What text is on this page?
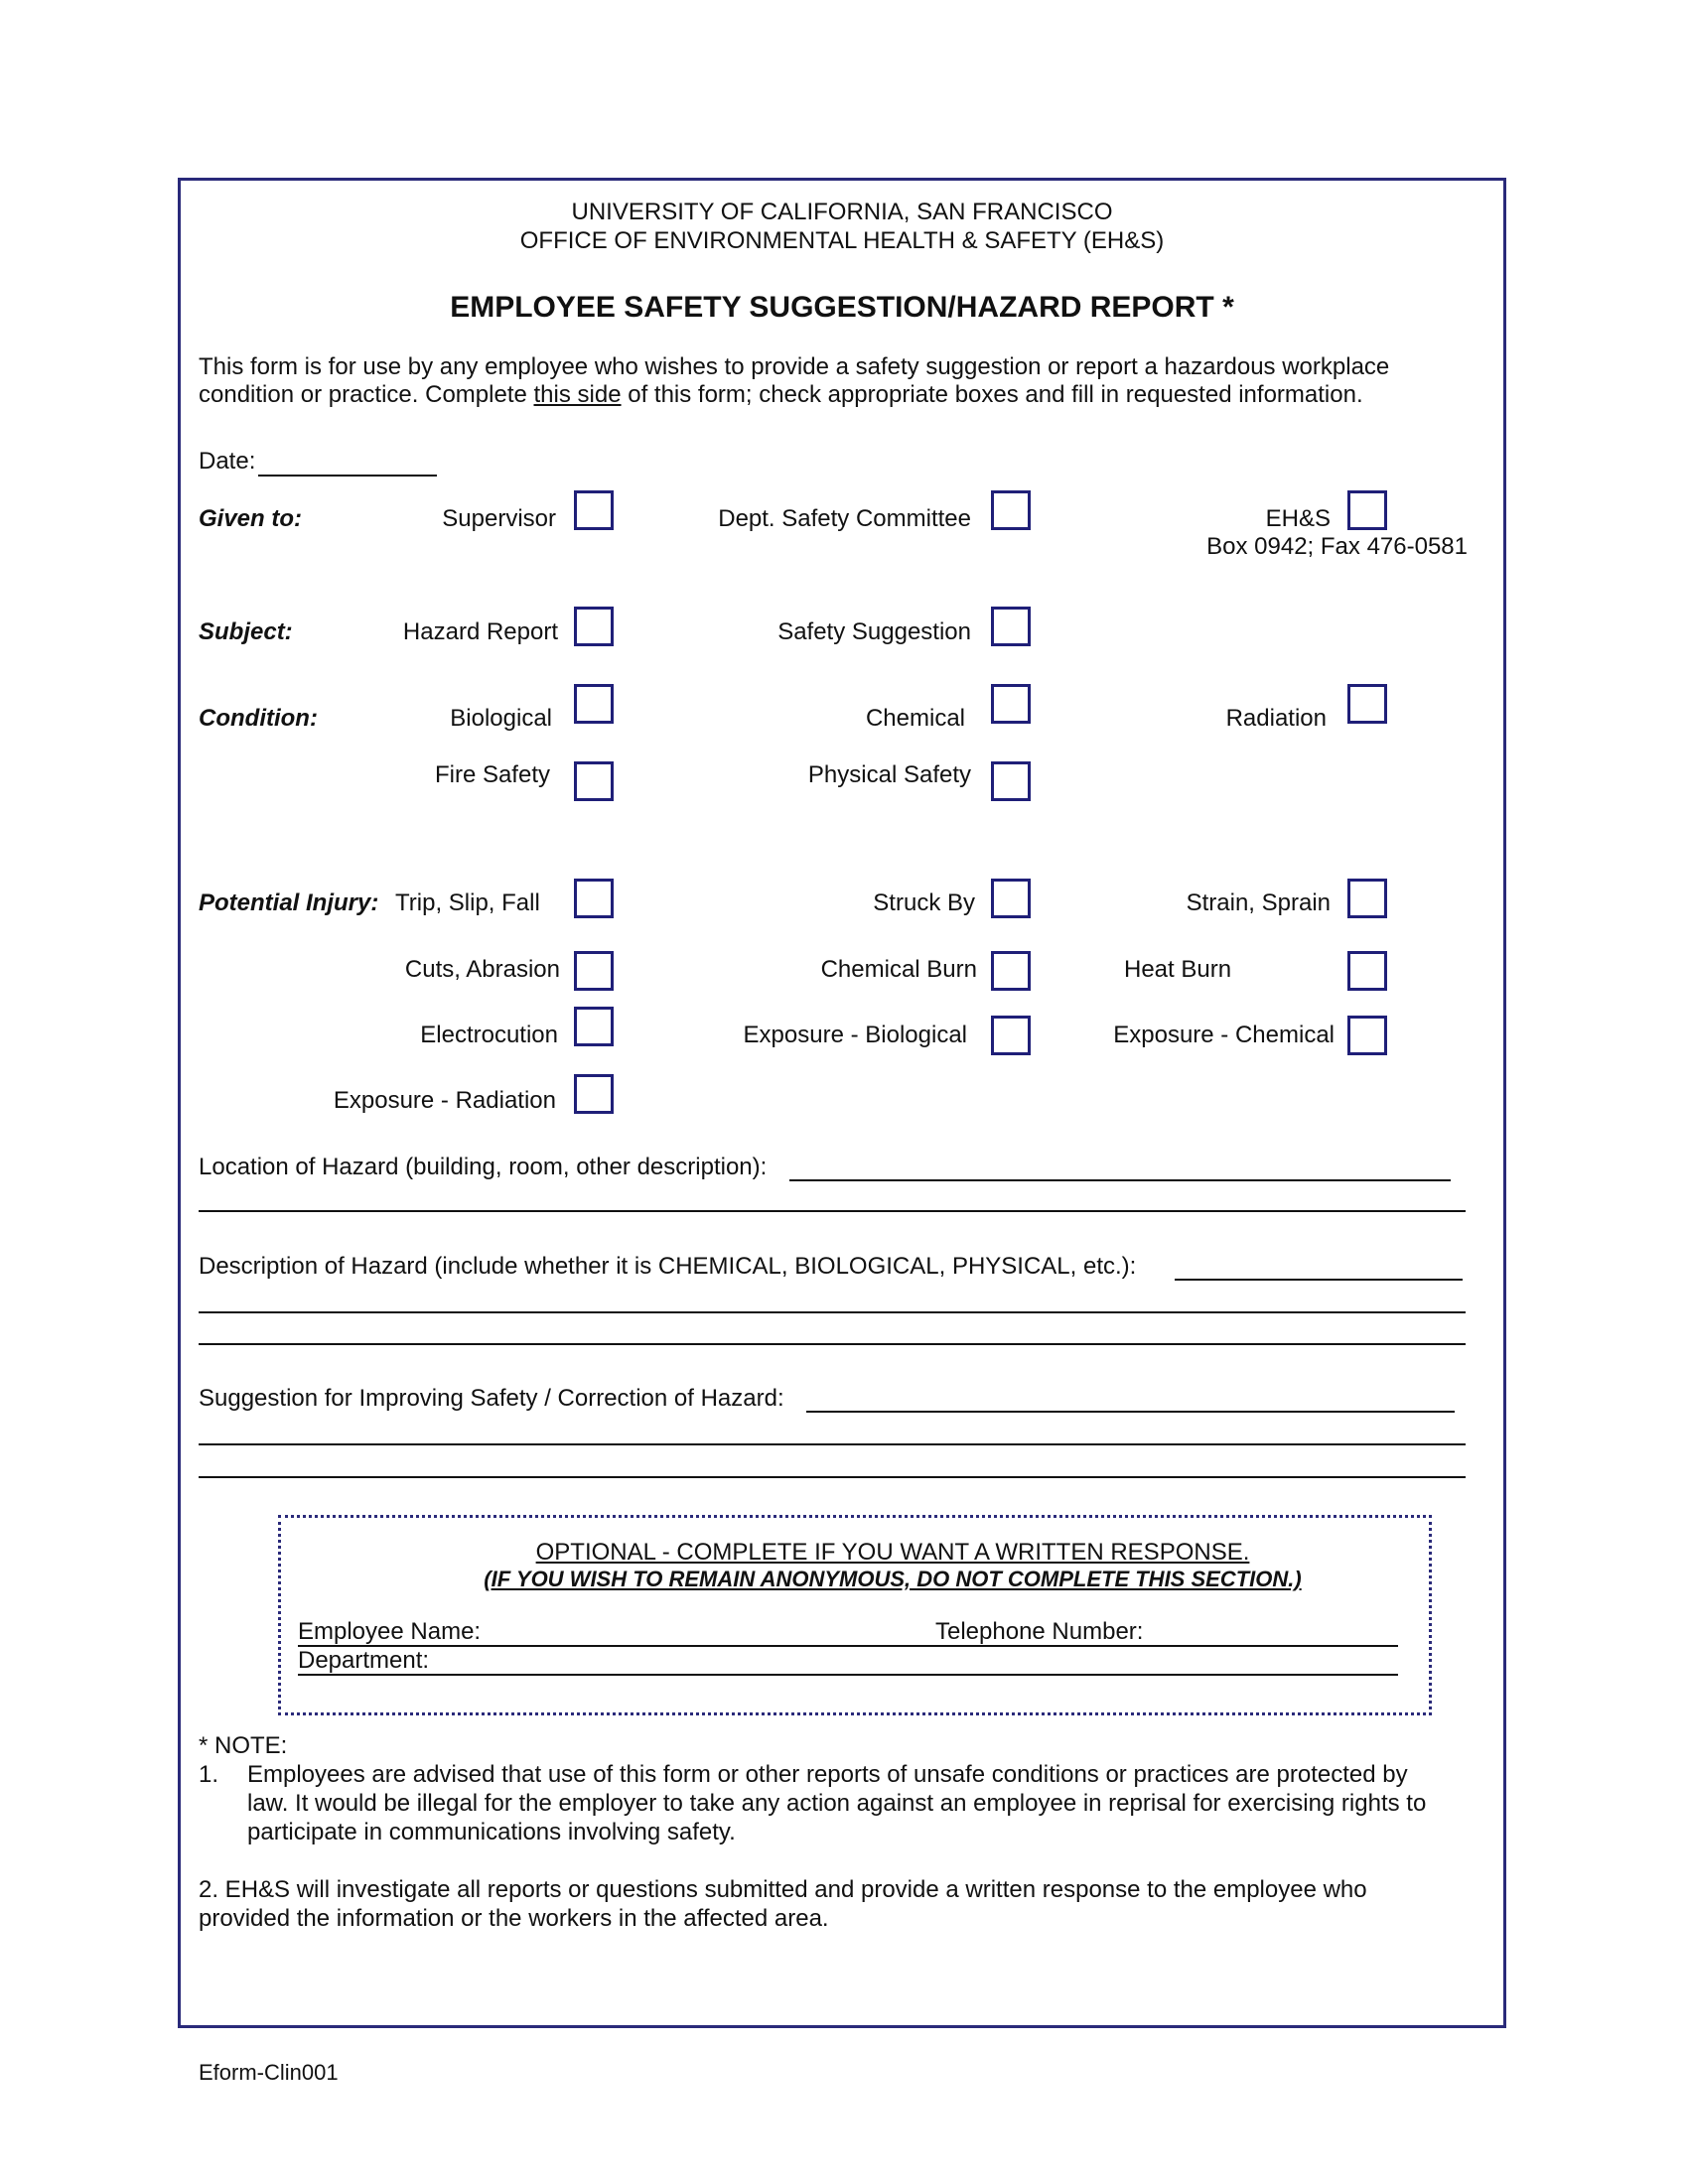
UNIVERSITY OF CALIFORNIA, SAN FRANCISCO
OFFICE OF ENVIRONMENTAL HEALTH & SAFETY (EH&S)
EMPLOYEE SAFETY SUGGESTION/HAZARD REPORT *
This form is for use by any employee who wishes to provide a safety suggestion or report a hazardous workplace
condition or practice. Complete this side of this form; check appropriate boxes and fill in requested information.
Date:
Given to:	Supervisor	Dept. Safety Committee	EH&S
Box 0942; Fax 476-0581
Subject:	Hazard Report	Safety Suggestion
Condition:	Biological	Chemical	Radiation
Fire Safety	Physical Safety
Potential Injury: Trip, Slip, Fall	Struck By	Strain, Sprain
Cuts, Abrasion	Chemical Burn	Heat Burn
Electrocution	Exposure - Biological	Exposure - Chemical
Exposure - Radiation
Location of Hazard (building, room, other description):
Description of Hazard (include whether it is CHEMICAL, BIOLOGICAL, PHYSICAL, etc.):
Suggestion for Improving Safety / Correction of Hazard:
OPTIONAL - COMPLETE IF YOU WANT A WRITTEN RESPONSE.
(IF YOU WISH TO REMAIN ANONYMOUS, DO NOT COMPLETE THIS SECTION.)
Employee Name:	Telephone Number:
Department:
* NOTE:
1. Employees are advised that use of this form or other reports of unsafe conditions or practices are protected by
law. It would be illegal for the employer to take any action against an employee in reprisal for exercising rights to
participate in communications involving safety.
2. EH&S will investigate all reports or questions submitted and provide a written response to the employee who
provided the information or the workers in the affected area.
Eform-Clin001
